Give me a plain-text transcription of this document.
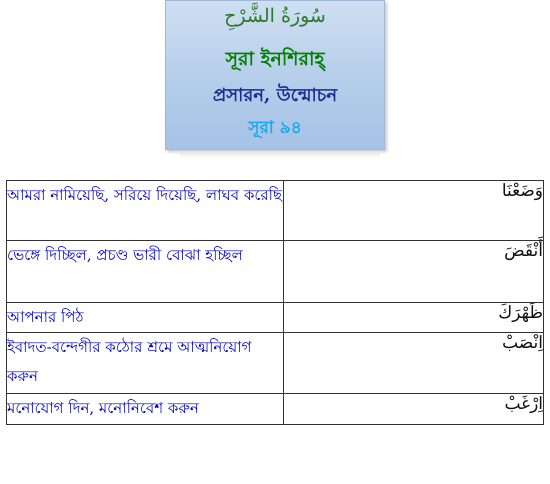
سُورَةُ الشَّرْحِ
সূরা ইনশিরাহ্
প্রসারন, উন্মোচন
সূরা ৯৪
আমরা নামিয়েছি, সরিয়ে দিয়েছি, লাঘব করেছি	وَضَعْنَا
ভেঙ্গে দিচ্ছিল, প্রচণ্ড ভারী বোঝা হচ্ছিল	أَنْقَضَ
আপনার পিঠ	ظَهْرَكَ
ইবাদত-বন্দেগীর কঠোর শ্রমে আত্মনিয়োগ করুন	اِنْصَبْ
মনোযোগ দিন, মনোনিবেশ করুন	اِرْغَبْ
